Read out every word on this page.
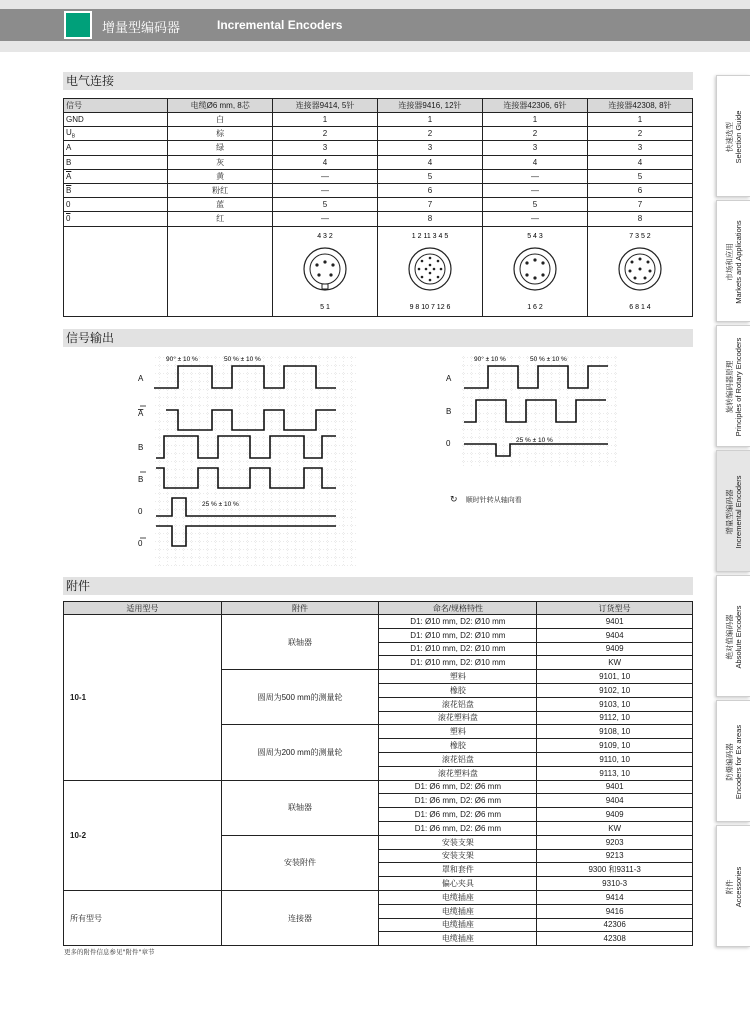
增量型编码器	Incremental Encoders
电气连接
信号	电缆Ø6 mm, 8芯	连接器9414, 5针	连接器9416, 12针	连接器42306, 6针	连接器42308, 8针
GND	白	1	1	1	1
$U_B$	棕	2	2	2	2
A	绿	3	3	3	3
B	灰	4	4	4	4
$\overline{A}$	黄	—	5	—	5
$\overline{B}$	粉红	—	6	—	6
0	蓝	5	7	5	7
0	红	—	8	—	8

4 3 2
5 1	1 2 11 3 4 5
9 8 10 7 12 6	5 4 3
1 6 2	7 3 5 2
6 8 1 4
信号输出
90° ± 10 %	50 % ± 10 %
A
A
B
B
0
0
25 % ± 10 %
90° ± 10 %	50 % ± 10 %
A
B
0	25 % ± 10 %
↻ 顺时针转从轴向看
附件
适用型号	附件	命名/规格特性	订货型号
10-1	联轴器	D1: Ø10 mm, D2: Ø10 mm	9401
		D1: Ø10 mm, D2: Ø10 mm	9404
		D1: Ø10 mm, D2: Ø10 mm	9409
		D1: Ø10 mm, D2: Ø10 mm	KW
	圆周为500 mm的测量轮	塑料	9101, 10
		橡胶	9102, 10
		滚花铝盘	9103, 10
		滚花塑料盘	9112, 10
	圆周为200 mm的测量轮	塑料	9108, 10
		橡胶	9109, 10
		滚花铝盘	9110, 10
		滚花塑料盘	9113, 10
10-2	联轴器	D1: Ø6 mm, D2: Ø6 mm	9401
		D1: Ø6 mm, D2: Ø6 mm	9404
		D1: Ø6 mm, D2: Ø6 mm	9409
		D1: Ø6 mm, D2: Ø6 mm	KW
	安装附件	安装支架	9203
		安装支架	9213
		罩和套件	9300 和9311-3
		偏心夹具	9310-3
所有型号	连接器	电缆插座	9414
		电缆插座	9416
		电缆插座	42306
		电缆插座	42308
更多的附件信息参见"附件"章节
快速选型 Selection Guide
市场和应用 Markets and Applications
旋转编码器原理 Principles of Rotary Encoders
增量型编码器 Incremental Encoders
绝对值编码器 Absolute Encoders
防爆编码器 Encoders for Ex areas
附件 Accessories
